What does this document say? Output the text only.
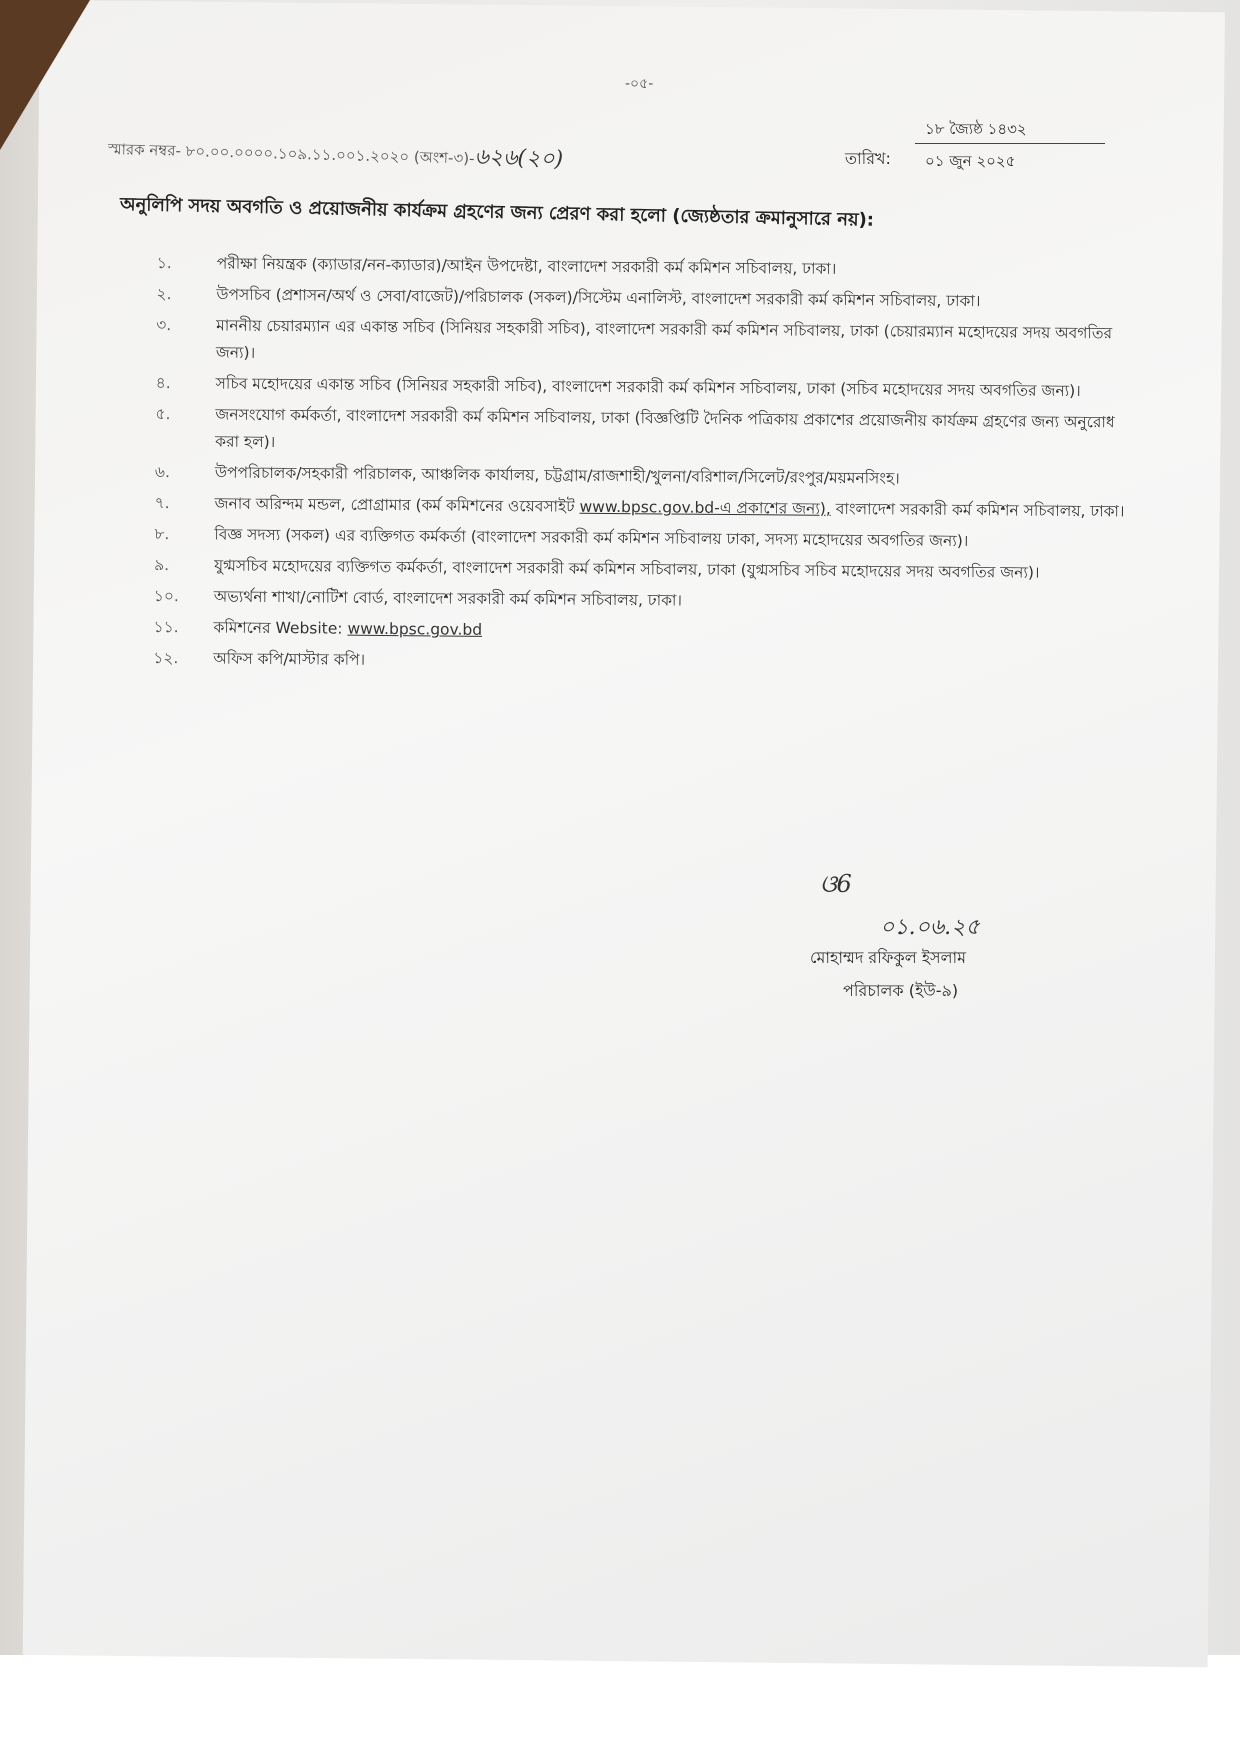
-০৫-
স্মারক নম্বর- ৮০.০০.০০০০.১০৯.১১.০০১.২০২০ (অংশ-৩)-৬২৬(২০)	তারিখ:
১৮ জ্যৈষ্ঠ ১৪৩২
০১ জুন ২০২৫
অনুলিপি সদয় অবগতি ও প্রয়োজনীয় কার্যক্রম গ্রহণের জন্য প্রেরণ করা হলো (জ্যেষ্ঠতার ক্রমানুসারে নয়):
১.	পরীক্ষা নিয়ন্ত্রক (ক্যাডার/নন-ক্যাডার)/আইন উপদেষ্টা, বাংলাদেশ সরকারী কর্ম কমিশন সচিবালয়, ঢাকা।
২.	উপসচিব (প্রশাসন/অর্থ ও সেবা/বাজেট)/পরিচালক (সকল)/সিস্টেম এনালিস্ট, বাংলাদেশ সরকারী কর্ম কমিশন সচিবালয়, ঢাকা।
৩.	মাননীয় চেয়ারম্যান এর একান্ত সচিব (সিনিয়র সহকারী সচিব), বাংলাদেশ সরকারী কর্ম কমিশন সচিবালয়, ঢাকা (চেয়ারম্যান মহোদয়ের সদয় অবগতির জন্য)।
৪.	সচিব মহোদয়ের একান্ত সচিব (সিনিয়র সহকারী সচিব), বাংলাদেশ সরকারী কর্ম কমিশন সচিবালয়, ঢাকা (সচিব মহোদয়ের সদয় অবগতির জন্য)।
৫.	জনসংযোগ কর্মকর্তা, বাংলাদেশ সরকারী কর্ম কমিশন সচিবালয়, ঢাকা (বিজ্ঞপ্তিটি দৈনিক পত্রিকায় প্রকাশের প্রয়োজনীয় কার্যক্রম গ্রহণের জন্য অনুরোধ করা হল)।
৬.	উপপরিচালক/সহকারী পরিচালক, আঞ্চলিক কার্যালয়, চট্টগ্রাম/রাজশাহী/খুলনা/বরিশাল/সিলেট/রংপুর/ময়মনসিংহ।
৭.	জনাব অরিন্দম মন্ডল, প্রোগ্রামার (কর্ম কমিশনের ওয়েবসাইট www.bpsc.gov.bd-এ প্রকাশের জন্য), বাংলাদেশ সরকারী কর্ম কমিশন সচিবালয়, ঢাকা।
৮.	বিজ্ঞ সদস্য (সকল) এর ব্যক্তিগত কর্মকর্তা (বাংলাদেশ সরকারী কর্ম কমিশন সচিবালয় ঢাকা, সদস্য মহোদয়ের অবগতির জন্য)।
৯.	যুগ্মসচিব মহোদয়ের ব্যক্তিগত কর্মকর্তা, বাংলাদেশ সরকারী কর্ম কমিশন সচিবালয়, ঢাকা (যুগ্মসচিব সচিব মহোদয়ের সদয় অবগতির জন্য)।
১০.	অভ্যর্থনা শাখা/নোটিশ বোর্ড, বাংলাদেশ সরকারী কর্ম কমিশন সচিবালয়, ঢাকা।
১১.	কমিশনের Website: www.bpsc.gov.bd
১২.	অফিস কপি/মাস্টার কপি।
ଓ6
০১.০৬.২৫
মোহাম্মদ রফিকুল ইসলাম
পরিচালক (ইউ-৯)
